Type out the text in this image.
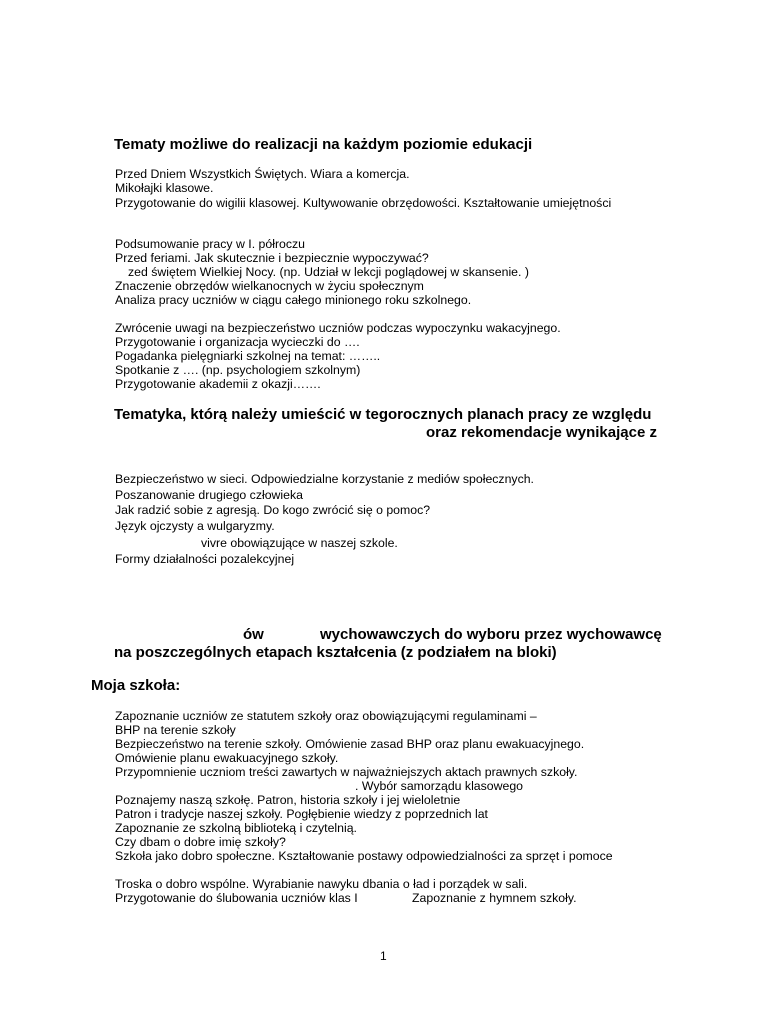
Tematy możliwe do realizacji na każdym poziomie edukacji
Przed Dniem Wszystkich Świętych. Wiara a komercja.
Mikołajki klasowe.
Przygotowanie do wigilii klasowej. Kultywowanie obrzędowości. Kształtowanie umiejętności
Podsumowanie pracy w I. półroczu
Przed feriami. Jak skutecznie i bezpiecznie wypoczywać?
zed świętem Wielkiej Nocy. (np. Udział w lekcji poglądowej w skansenie. )
Znaczenie obrzędów wielkanocnych w życiu społecznym
Analiza pracy uczniów w ciągu całego minionego roku szkolnego.
Zwrócenie uwagi na bezpieczeństwo uczniów podczas wypoczynku wakacyjnego.
Przygotowanie i organizacja wycieczki do ….
Pogadanka pielęgniarki szkolnej na temat: ……..
Spotkanie z …. (np. psychologiem szkolnym)
Przygotowanie akademii z okazji…….
Tematyka, którą należy umieścić w tegorocznych planach pracy ze względu
oraz rekomendacje wynikające z
Bezpieczeństwo w sieci. Odpowiedzialne korzystanie z mediów społecznych.
Poszanowanie drugiego człowieka
Jak radzić sobie z agresją. Do kogo zwrócić się o pomoc?
Język ojczysty a wulgaryzmy.
vivre obowiązujące w naszej szkole.
Formy działalności pozalekcyjnej
ów	wychowawczych do wyboru przez wychowawcę
na poszczególnych etapach kształcenia (z podziałem na bloki)
Moja szkoła:
Zapoznanie uczniów ze statutem szkoły oraz obowiązującymi regulaminami –
BHP na terenie szkoły
Bezpieczeństwo na terenie szkoły. Omówienie zasad BHP oraz planu ewakuacyjnego.
Omówienie planu ewakuacyjnego szkoły.
Przypomnienie uczniom treści zawartych w najważniejszych aktach prawnych szkoły.
. Wybór samorządu klasowego
Poznajemy naszą szkołę. Patron, historia szkoły i jej wieloletnie
Patron i tradycje naszej szkoły. Pogłębienie wiedzy z poprzednich lat
Zapoznanie ze szkolną biblioteką i czytelnią.
Czy dbam o dobre imię szkoły?
Szkoła jako dobro społeczne. Kształtowanie postawy odpowiedzialności za sprzęt i pomoce
Troska o dobro wspólne. Wyrabianie nawyku dbania o ład i porządek w sali.
Przygotowanie do ślubowania uczniów klas I	Zapoznanie z hymnem szkoły.
1
